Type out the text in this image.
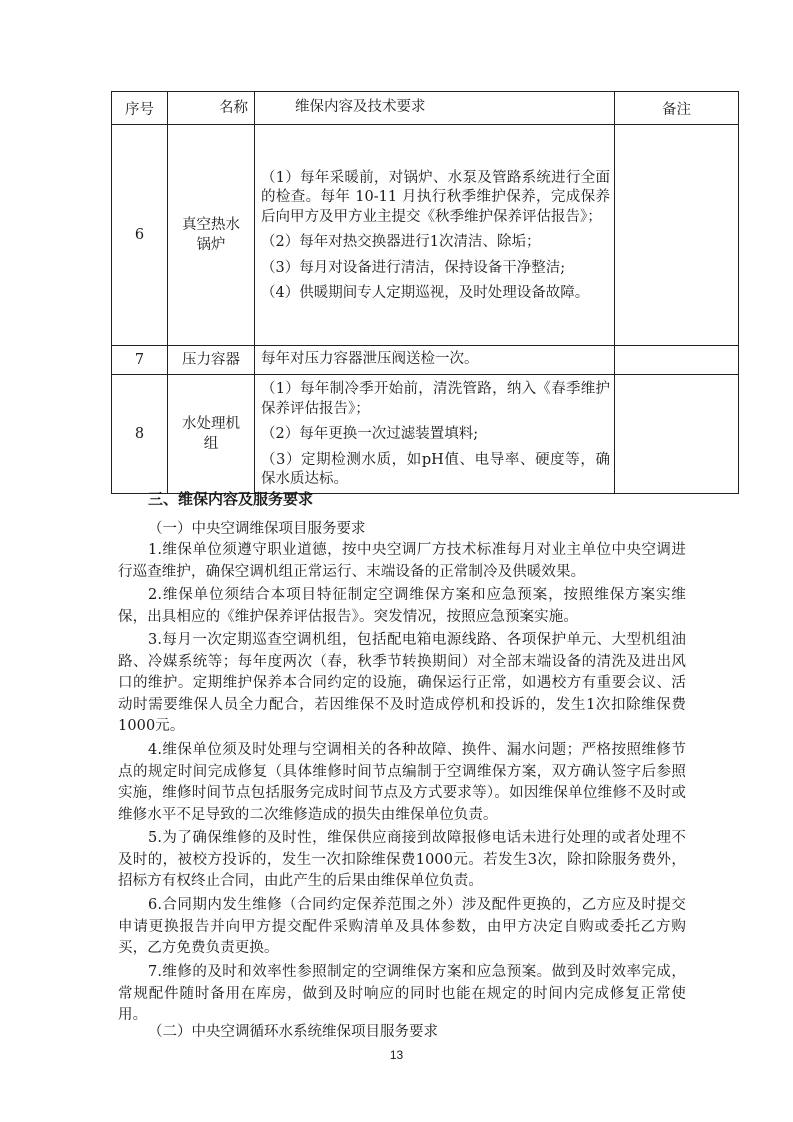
序号	名称	维保内容及技术要求	备注
6	真空热水锅炉	（1）每年采暖前，对锅炉、水泵及管路系统进行全面的检查。每年 10-11 月执行秋季维护保养，完成保养后向甲方及甲方业主提交《秋季维护保养评估报告》；
（2）每年对热交换器进行1次清洁、除垢；
（3）每月对设备进行清洁，保持设备干净整洁;
（4）供暖期间专人定期巡视，及时处理设备故障。	

7	压力容器	每年对压力容器泄压阀送检一次。	

8	水处理机组	（1）每年制冷季开始前，清洗管路，纳入《春季维护保养评估报告》；
（2）每年更换一次过滤装置填料;
（3）定期检测水质，如pH值、电导率、硬度等，确保水质达标。	

三、维保内容及服务要求
（一）中央空调维保项目服务要求
1.维保单位须遵守职业道德，按中央空调厂方技术标准每月对业主单位中央空调进行巡查维护，确保空调机组正常运行、末端设备的正常制冷及供暖效果。
2.维保单位须结合本项目特征制定空调维保方案和应急预案，按照维保方案实维保，出具相应的《维护保养评估报告》。突发情况，按照应急预案实施。
3.每月一次定期巡查空调机组，包括配电箱电源线路、各项保护单元、大型机组油路、冷媒系统等；每年度两次（春，秋季节转换期间）对全部末端设备的清洗及进出风口的维护。定期维护保养本合同约定的设施，确保运行正常，如遇校方有重要会议、活动时需要维保人员全力配合，若因维保不及时造成停机和投诉的，发生1次扣除维保费1000元。
4.维保单位须及时处理与空调相关的各种故障、换件、漏水问题；严格按照维修节点的规定时间完成修复（具体维修时间节点编制于空调维保方案，双方确认签字后参照实施，维修时间节点包括服务完成时间节点及方式要求等）。如因维保单位维修不及时或维修水平不足导致的二次维修造成的损失由维保单位负责。
5.为了确保维修的及时性，维保供应商接到故障报修电话未进行处理的或者处理不及时的，被校方投诉的，发生一次扣除维保费1000元。若发生3次，除扣除服务费外，招标方有权终止合同，由此产生的后果由维保单位负责。
6.合同期内发生维修（合同约定保养范围之外）涉及配件更换的，乙方应及时提交申请更换报告并向甲方提交配件采购清单及具体参数，由甲方决定自购或委托乙方购买，乙方免费负责更换。
7.维修的及时和效率性参照制定的空调维保方案和应急预案。做到及时效率完成，常规配件随时备用在库房，做到及时响应的同时也能在规定的时间内完成修复正常使用。
（二）中央空调循环水系统维保项目服务要求
13
